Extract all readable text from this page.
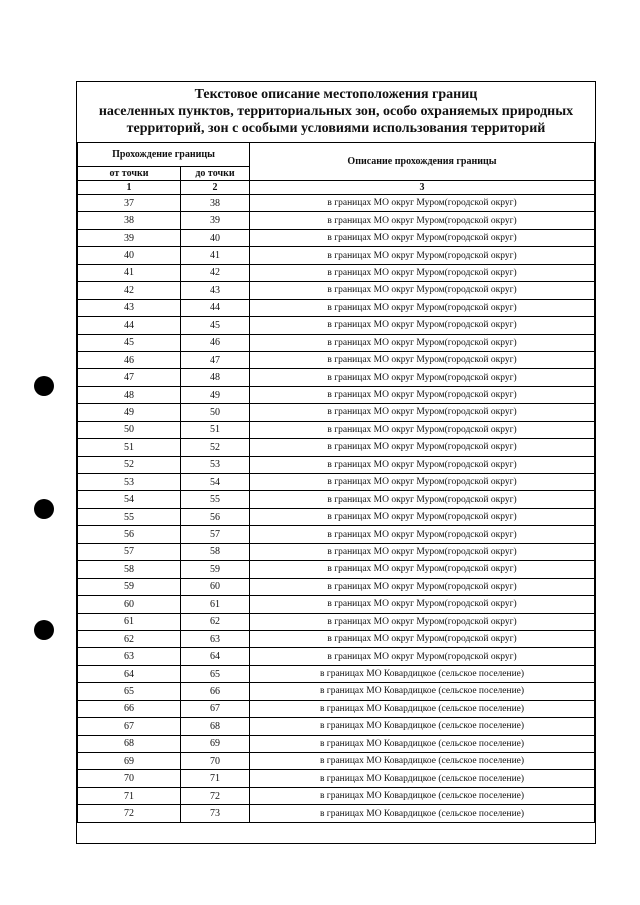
Текстовое описание местоположения границ
населенных пунктов, территориальных зон, особо охраняемых природных
территорий, зон с особыми условиями использования территорий
Прохождение границы		Описание прохождения границы
от точки	до точки	
1	2	3
37	38	в границах МО округ Муром(городской округ)
38	39	в границах МО округ Муром(городской округ)
39	40	в границах МО округ Муром(городской округ)
40	41	в границах МО округ Муром(городской округ)
41	42	в границах МО округ Муром(городской округ)
42	43	в границах МО округ Муром(городской округ)
43	44	в границах МО округ Муром(городской округ)
44	45	в границах МО округ Муром(городской округ)
45	46	в границах МО округ Муром(городской округ)
46	47	в границах МО округ Муром(городской округ)
47	48	в границах МО округ Муром(городской округ)
48	49	в границах МО округ Муром(городской округ)
49	50	в границах МО округ Муром(городской округ)
50	51	в границах МО округ Муром(городской округ)
51	52	в границах МО округ Муром(городской округ)
52	53	в границах МО округ Муром(городской округ)
53	54	в границах МО округ Муром(городской округ)
54	55	в границах МО округ Муром(городской округ)
55	56	в границах МО округ Муром(городской округ)
56	57	в границах МО округ Муром(городской округ)
57	58	в границах МО округ Муром(городской округ)
58	59	в границах МО округ Муром(городской округ)
59	60	в границах МО округ Муром(городской округ)
60	61	в границах МО округ Муром(городской округ)
61	62	в границах МО округ Муром(городской округ)
62	63	в границах МО округ Муром(городской округ)
63	64	в границах МО округ Муром(городской округ)
64	65	в границах МО Ковардицкое (сельское поселение)
65	66	в границах МО Ковардицкое (сельское поселение)
66	67	в границах МО Ковардицкое (сельское поселение)
67	68	в границах МО Ковардицкое (сельское поселение)
68	69	в границах МО Ковардицкое (сельское поселение)
69	70	в границах МО Ковардицкое (сельское поселение)
70	71	в границах МО Ковардицкое (сельское поселение)
71	72	в границах МО Ковардицкое (сельское поселение)
72	73	в границах МО Ковардицкое (сельское поселение)
